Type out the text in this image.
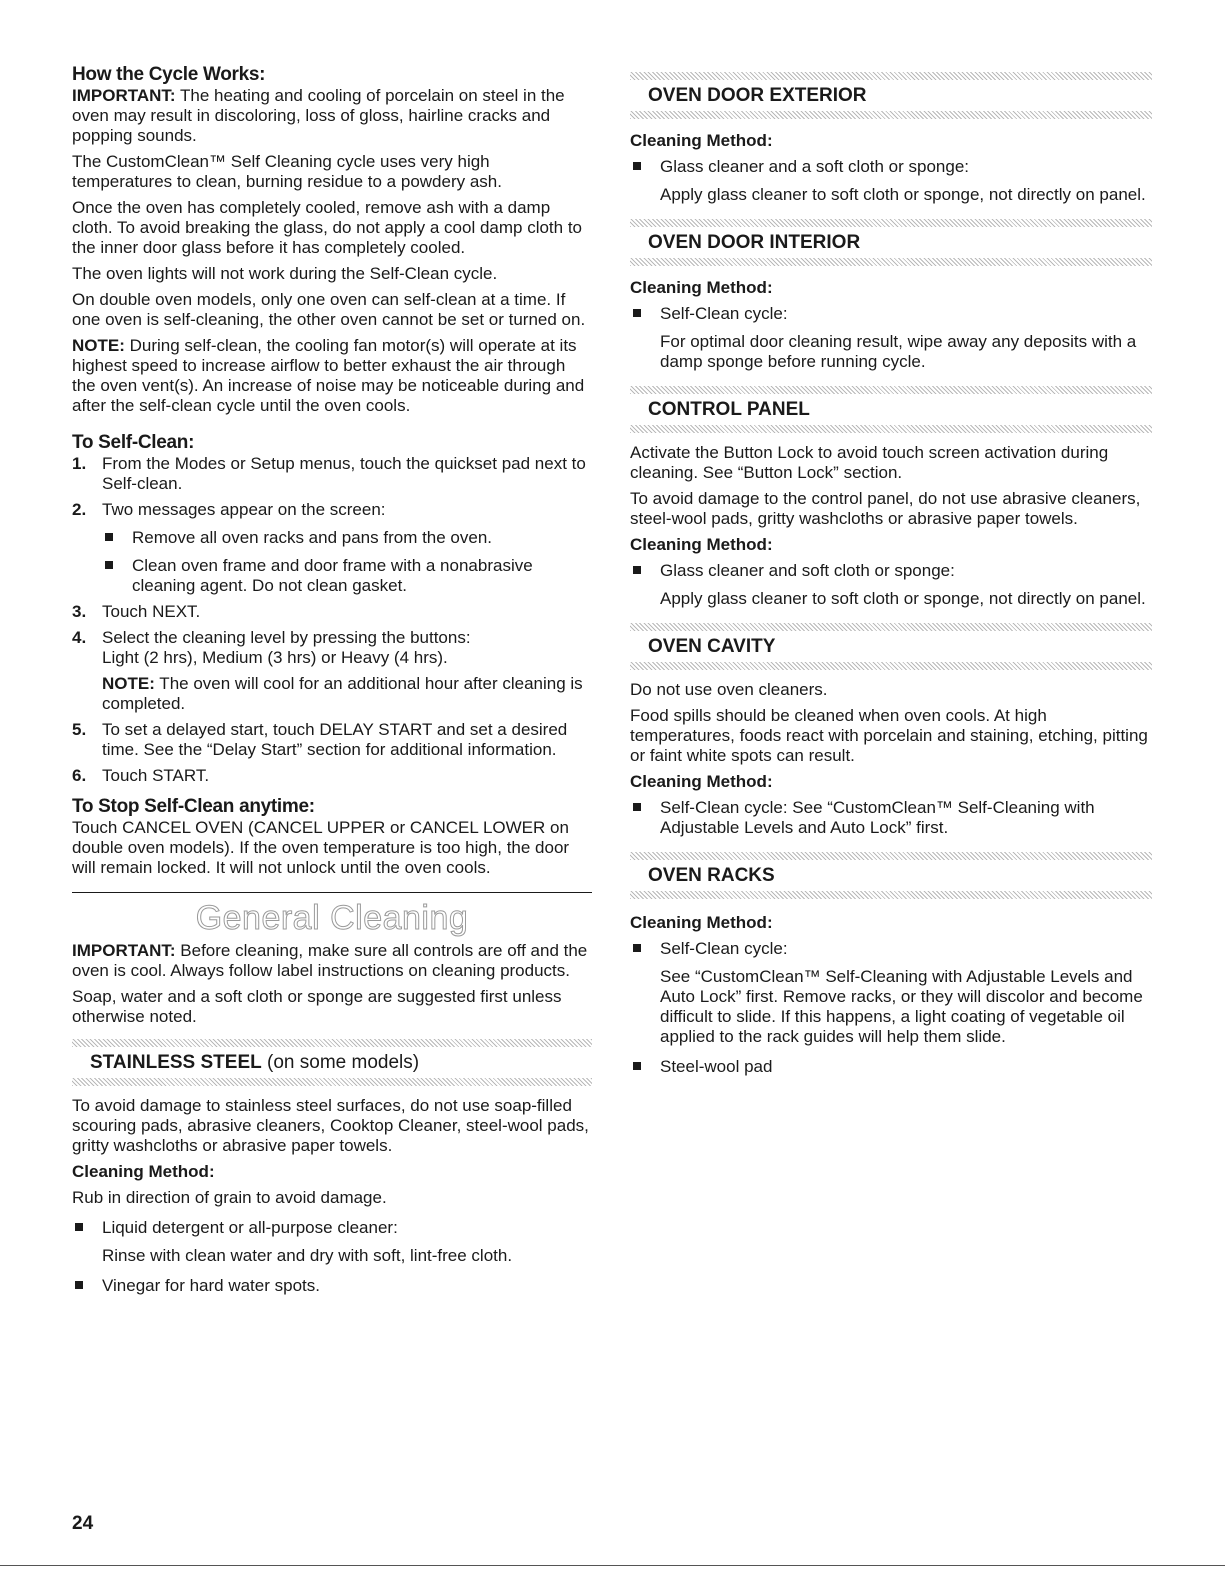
How the Cycle Works:

IMPORTANT: The heating and cooling of porcelain on steel in the oven may result in discoloring, loss of gloss, hairline cracks and popping sounds.

The CustomClean™ Self Cleaning cycle uses very high temperatures to clean, burning residue to a powdery ash.

Once the oven has completely cooled, remove ash with a damp cloth. To avoid breaking the glass, do not apply a cool damp cloth to the inner door glass before it has completely cooled.

The oven lights will not work during the Self-Clean cycle.

On double oven models, only one oven can self-clean at a time. If one oven is self-cleaning, the other oven cannot be set or turned on.

NOTE: During self-clean, the cooling fan motor(s) will operate at its highest speed to increase airflow to better exhaust the air through the oven vent(s). An increase of noise may be noticeable during and after the self-clean cycle until the oven cools.

To Self-Clean:
1. From the Modes or Setup menus, touch the quickset pad next to Self-clean.

2. Two messages appear on the screen:

Remove all oven racks and pans from the oven.
Clean oven frame and door frame with a nonabrasive cleaning agent. Do not clean gasket.
3. Touch NEXT.

4. Select the cleaning level by pressing the buttons:

Light (2 hrs), Medium (3 hrs) or Heavy (4 hrs).

NOTE: The oven will cool for an additional hour after cleaning is completed.

5. To set a delayed start, touch DELAY START and set a desired time. See the “Delay Start” section for additional information.

6. Touch START.

To Stop Self-Clean anytime:

Touch CANCEL OVEN (CANCEL UPPER or CANCEL LOWER on double oven models). If the oven temperature is too high, the door will remain locked. It will not unlock until the oven cools.

General Cleaning

IMPORTANT: Before cleaning, make sure all controls are off and the oven is cool. Always follow label instructions on cleaning products.

Soap, water and a soft cloth or sponge are suggested first unless otherwise noted.

STAINLESS STEEL (on some models)

To avoid damage to stainless steel surfaces, do not use soap-filled scouring pads, abrasive cleaners, Cooktop Cleaner, steel-wool pads, gritty washcloths or abrasive paper towels.

Cleaning Method:

Rub in direction of grain to avoid damage.

Liquid detergent or all-purpose cleaner:

Rinse with clean water and dry with soft, lint-free cloth.

Vinegar for hard water spots.
OVEN DOOR EXTERIOR
Cleaning Method:
Glass cleaner and a soft cloth or sponge:

Apply glass cleaner to soft cloth or sponge, not directly on panel.

OVEN DOOR INTERIOR
Cleaning Method:
Self-Clean cycle:

For optimal door cleaning result, wipe away any deposits with a damp sponge before running cycle.

CONTROL PANEL

Activate the Button Lock to avoid touch screen activation during cleaning. See “Button Lock” section.

To avoid damage to the control panel, do not use abrasive cleaners, steel-wool pads, gritty washcloths or abrasive paper towels.

Cleaning Method:
Glass cleaner and soft cloth or sponge:

Apply glass cleaner to soft cloth or sponge, not directly on panel.

OVEN CAVITY

Do not use oven cleaners.

Food spills should be cleaned when oven cools. At high temperatures, foods react with porcelain and staining, etching, pitting or faint white spots can result.

Cleaning Method:
Self-Clean cycle: See “CustomClean™ Self-Cleaning with Adjustable Levels and Auto Lock” first.
OVEN RACKS
Cleaning Method:
Self-Clean cycle:

See “CustomClean™ Self-Cleaning with Adjustable Levels and Auto Lock” first. Remove racks, or they will discolor and become difficult to slide. If this happens, a light coating of vegetable oil applied to the rack guides will help them slide.

Steel-wool pad
24
